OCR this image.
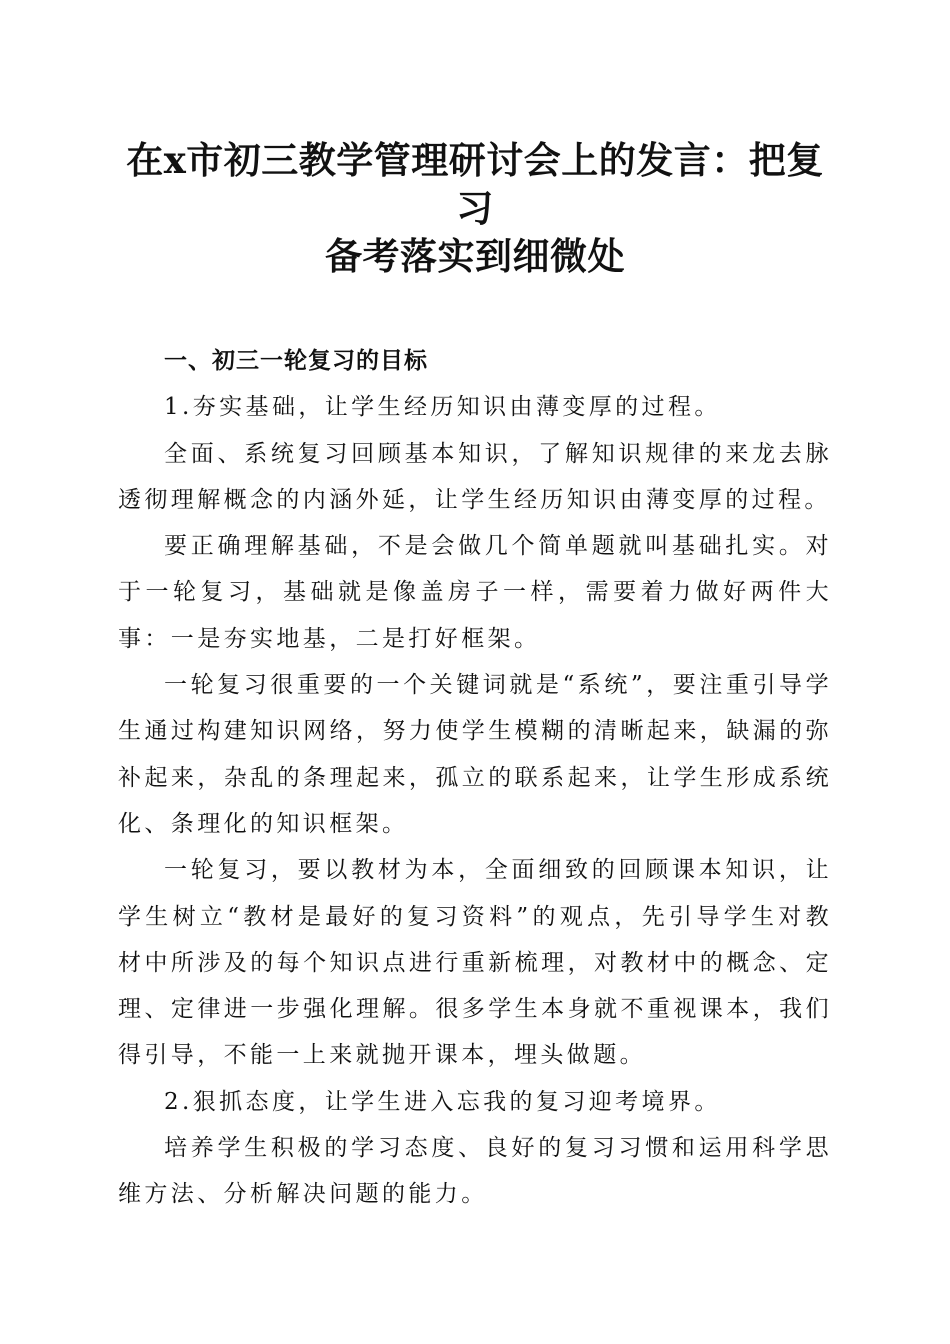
在x市初三教学管理研讨会上的发言：把复习
备考落实到细微处

一、初三一轮复习的目标

1.夯实基础，让学生经历知识由薄变厚的过程。

全面、系统复习回顾基本知识，了解知识规律的来龙去脉透彻理解概念的内涵外延，让学生经历知识由薄变厚的过程。

要正确理解基础，不是会做几个简单题就叫基础扎实。对于一轮复习，基础就是像盖房子一样，需要着力做好两件大事：一是夯实地基，二是打好框架。

一轮复习很重要的一个关键词就是“系统”，要注重引导学生通过构建知识网络，努力使学生模糊的清晰起来，缺漏的弥补起来，杂乱的条理起来，孤立的联系起来，让学生形成系统化、条理化的知识框架。

一轮复习，要以教材为本，全面细致的回顾课本知识，让学生树立“教材是最好的复习资料”的观点，先引导学生对教材中所涉及的每个知识点进行重新梳理，对教材中的概念、定理、定律进一步强化理解。很多学生本身就不重视课本，我们得引导，不能一上来就抛开课本，埋头做题。

2.狠抓态度，让学生进入忘我的复习迎考境界。

培养学生积极的学习态度、良好的复习习惯和运用科学思维方法、分析解决问题的能力。
